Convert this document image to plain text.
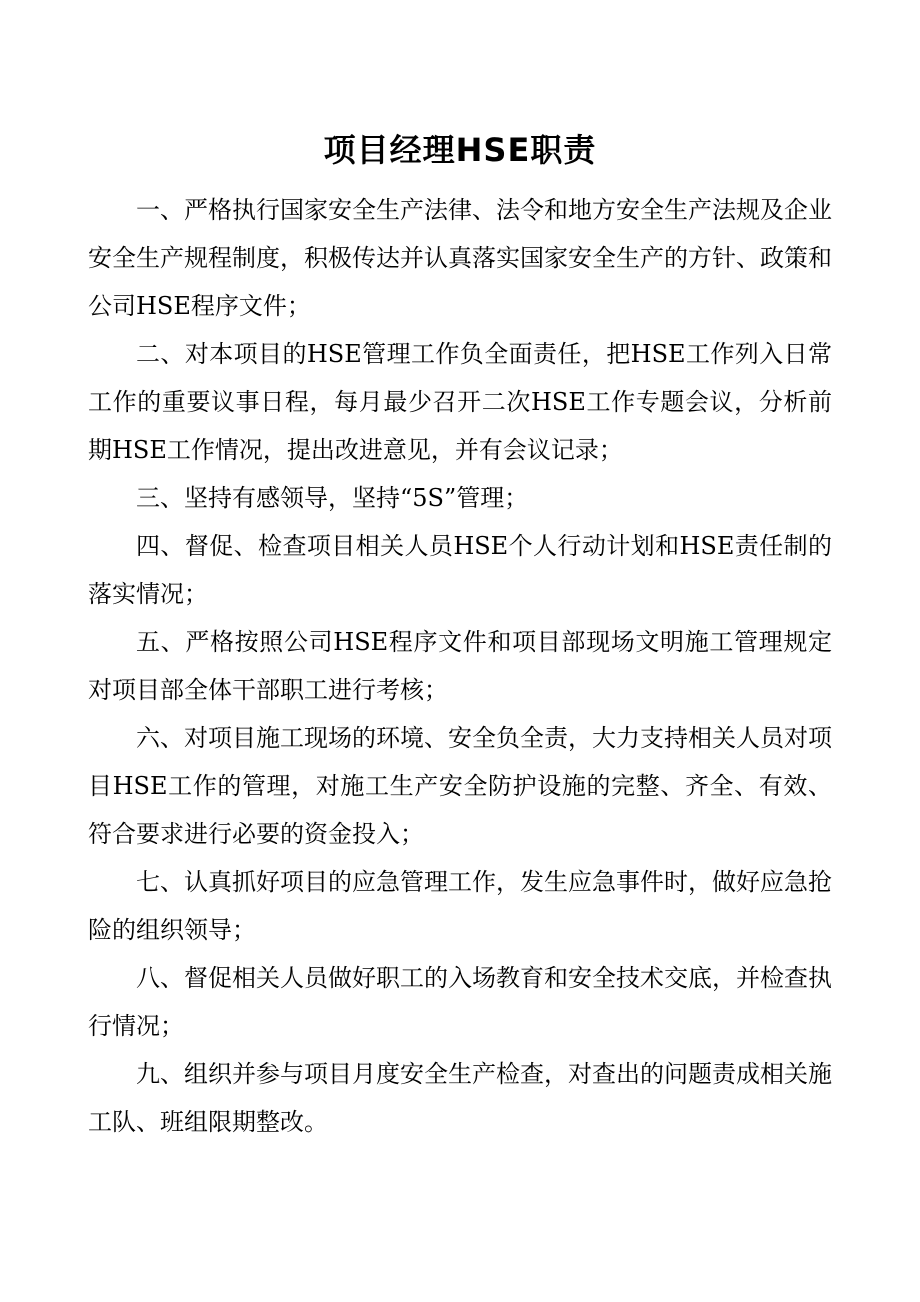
项目经理HSE职责

一、严格执行国家安全生产法律、法令和地方安全生产法规及企业安全生产规程制度，积极传达并认真落实国家安全生产的方针、政策和公司HSE程序文件；

二、对本项目的HSE管理工作负全面责任，把HSE工作列入日常工作的重要议事日程，每月最少召开二次HSE工作专题会议，分析前期HSE工作情况，提出改进意见，并有会议记录；

三、坚持有感领导，坚持“5S”管理；

四、督促、检查项目相关人员HSE个人行动计划和HSE责任制的落实情况；

五、严格按照公司HSE程序文件和项目部现场文明施工管理规定对项目部全体干部职工进行考核；

六、对项目施工现场的环境、安全负全责，大力支持相关人员对项目HSE工作的管理，对施工生产安全防护设施的完整、齐全、有效、符合要求进行必要的资金投入；

七、认真抓好项目的应急管理工作，发生应急事件时，做好应急抢险的组织领导；

八、督促相关人员做好职工的入场教育和安全技术交底，并检查执行情况；

九、组织并参与项目月度安全生产检查，对查出的问题责成相关施工队、班组限期整改。
